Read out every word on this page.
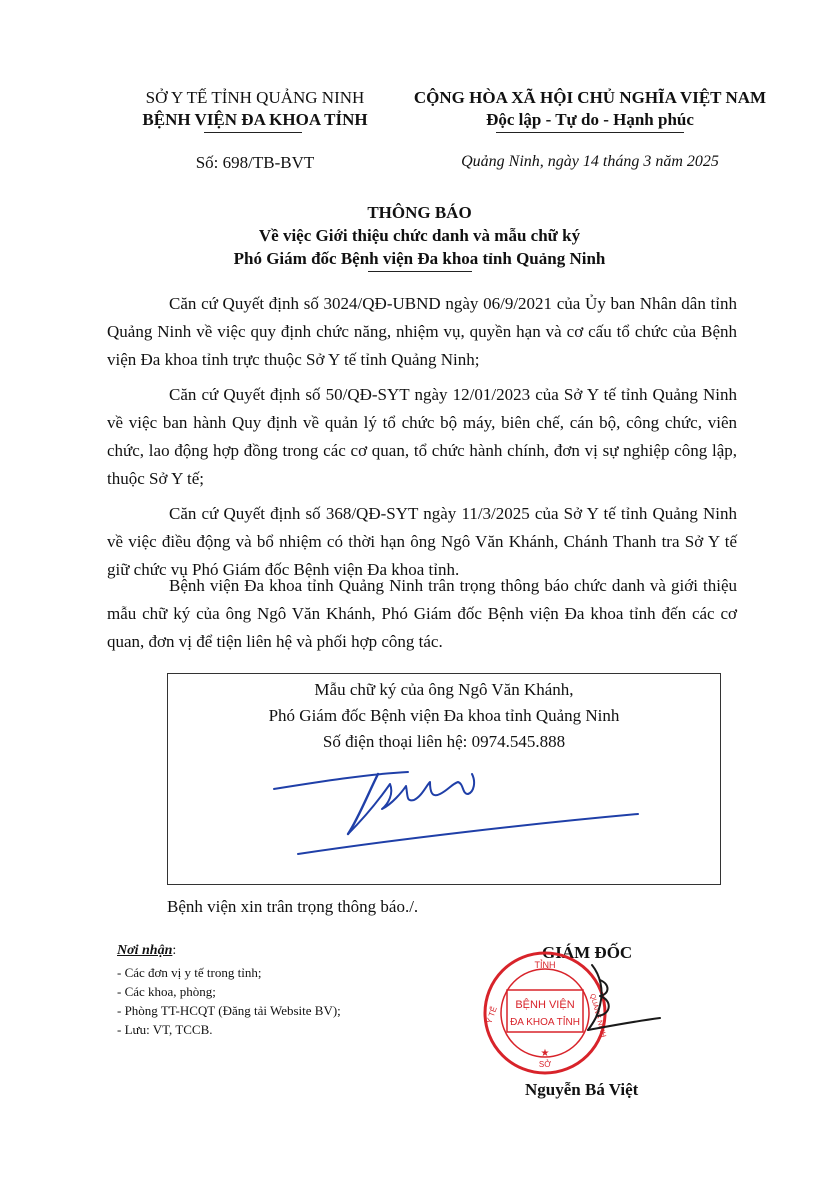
SỞ Y TẾ TỈNH QUẢNG NINH
BỆNH VIỆN ĐA KHOA TỈNH
Số: 698/TB-BVT
CỘNG HÒA XÃ HỘI CHỦ NGHĨA VIỆT NAM
Độc lập - Tự do - Hạnh phúc
Quảng Ninh, ngày 14 tháng 3 năm 2025
THÔNG BÁO
Về việc Giới thiệu chức danh và mẫu chữ ký
Phó Giám đốc Bệnh viện Đa khoa tỉnh Quảng Ninh

Căn cứ Quyết định số 3024/QĐ-UBND ngày 06/9/2021 của Ủy ban Nhân dân tỉnh Quảng Ninh về việc quy định chức năng, nhiệm vụ, quyền hạn và cơ cấu tổ chức của Bệnh viện Đa khoa tỉnh trực thuộc Sở Y tế tỉnh Quảng Ninh;

Căn cứ Quyết định số 50/QĐ-SYT ngày 12/01/2023 của Sở Y tế tỉnh Quảng Ninh về việc ban hành Quy định về quản lý tổ chức bộ máy, biên chế, cán bộ, công chức, viên chức, lao động hợp đồng trong các cơ quan, tổ chức hành chính, đơn vị sự nghiệp công lập, thuộc Sở Y tế;

Căn cứ Quyết định số 368/QĐ-SYT ngày 11/3/2025 của Sở Y tế tỉnh Quảng Ninh về việc điều động và bổ nhiệm có thời hạn ông Ngô Văn Khánh, Chánh Thanh tra Sở Y tế giữ chức vụ Phó Giám đốc Bệnh viện Đa khoa tỉnh.

Bệnh viện Đa khoa tỉnh Quảng Ninh trân trọng thông báo chức danh và giới thiệu mẫu chữ ký của ông Ngô Văn Khánh, Phó Giám đốc Bệnh viện Đa khoa tỉnh đến các cơ quan, đơn vị để tiện liên hệ và phối hợp công tác.

Mẫu chữ ký của ông Ngô Văn Khánh,
Phó Giám đốc Bệnh viện Đa khoa tỉnh Quảng Ninh
Số điện thoại liên hệ: 0974.545.888
Bệnh viện xin trân trọng thông báo./.
Nơi nhận:
- Các đơn vị y tế trong tỉnh;
- Các khoa, phòng;
- Phòng TT-HCQT (Đăng tải Website BV);
- Lưu: VT, TCCB.
GIÁM ĐỐC
TỈNH
BỆNH VIỆN
ĐA KHOA TỈNH
Y TẾ	QUẢNG NINH
SỞ
★
Nguyễn Bá Việt
